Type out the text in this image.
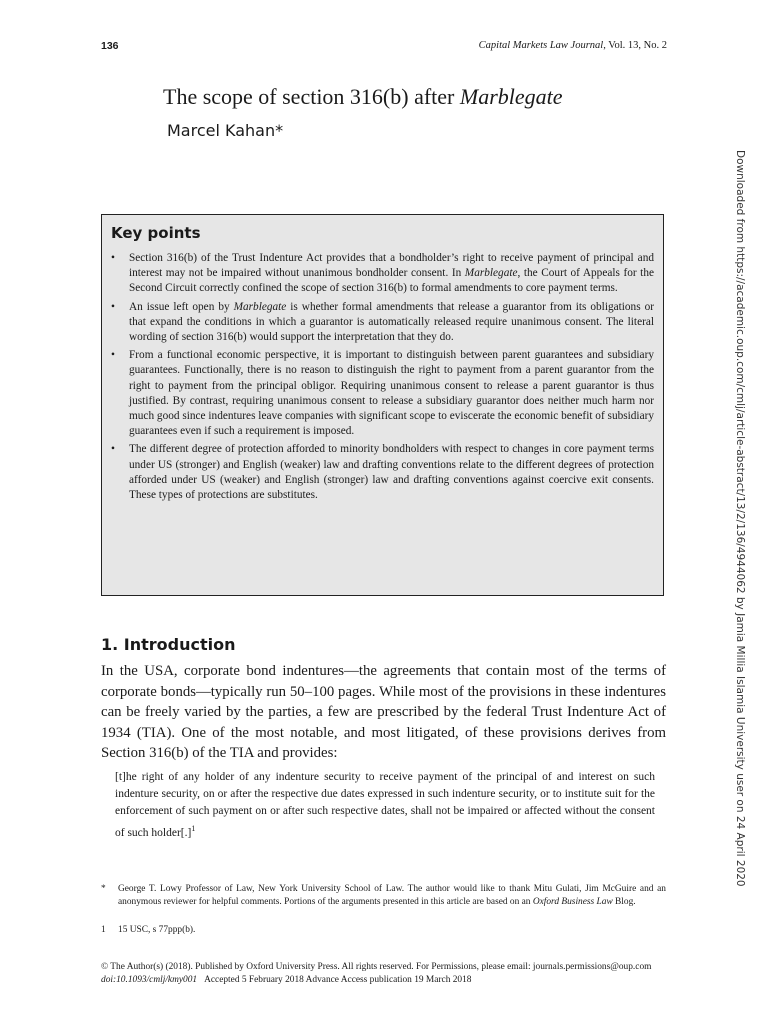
136	Capital Markets Law Journal, Vol. 13, No. 2
The scope of section 316(b) after Marblegate
Marcel Kahan*
Downloaded from https://academic.oup.com/cmlj/article-abstract/13/2/136/4944062 by Jamia Millia Islamia University user on 24 April 2020
Key points
• Section 316(b) of the Trust Indenture Act provides that a bondholder’s right to receive payment of principal and interest may not be impaired without unanimous bondholder consent. In Marblegate, the Court of Appeals for the Second Circuit correctly confined the scope of section 316(b) to formal amendments to core payment terms.
• An issue left open by Marblegate is whether formal amendments that release a guarantor from its obligations or that expand the conditions in which a guarantor is automatically released require unanimous consent. The literal wording of section 316(b) would support the interpretation that they do.
• From a functional economic perspective, it is important to distinguish between parent guarantees and subsidiary guarantees. Functionally, there is no reason to distinguish the right to payment from a parent guarantor from the right to payment from the principal obligor. Requiring unanimous consent to release a parent guarantor is thus justified. By contrast, requiring unanimous consent to release a subsidiary guarantor does neither much harm nor much good since indentures leave companies with significant scope to eviscerate the economic benefit of subsidiary guarantees even if such a requirement is imposed.
• The different degree of protection afforded to minority bondholders with respect to changes in core payment terms under US (stronger) and English (weaker) law and drafting conventions relate to the different degrees of protection afforded under US (weaker) and English (stronger) law and drafting conventions against coercive exit consents. These types of protections are substitutes.
1. Introduction

In the USA, corporate bond indentures—the agreements that contain most of the terms of corporate bonds—typically run 50–100 pages. While most of the provisions in these indentures can be freely varied by the parties, a few are prescribed by the federal Trust Indenture Act of 1934 (TIA). One of the most notable, and most litigated, of these provisions derives from Section 316(b) of the TIA and provides:

[t]he right of any holder of any indenture security to receive payment of the principal of and interest on such indenture security, on or after the respective due dates expressed in such indenture security, or to institute suit for the enforcement of such payment on or after such respective dates, shall not be impaired or affected without the consent of such holder[.]$^1$

* George T. Lowy Professor of Law, New York University School of Law. The author would like to thank Mitu Gulati, Jim McGuire and an anonymous reviewer for helpful comments. Portions of the arguments presented in this article are based on an Oxford Business Law Blog.
1 15 USC, s 77ppp(b).
© The Author(s) (2018). Published by Oxford University Press. All rights reserved. For Permissions, please email: journals.permissions@oup.com
doi:10.1093/cmlj/kmy001 Accepted 5 February 2018 Advance Access publication 19 March 2018
